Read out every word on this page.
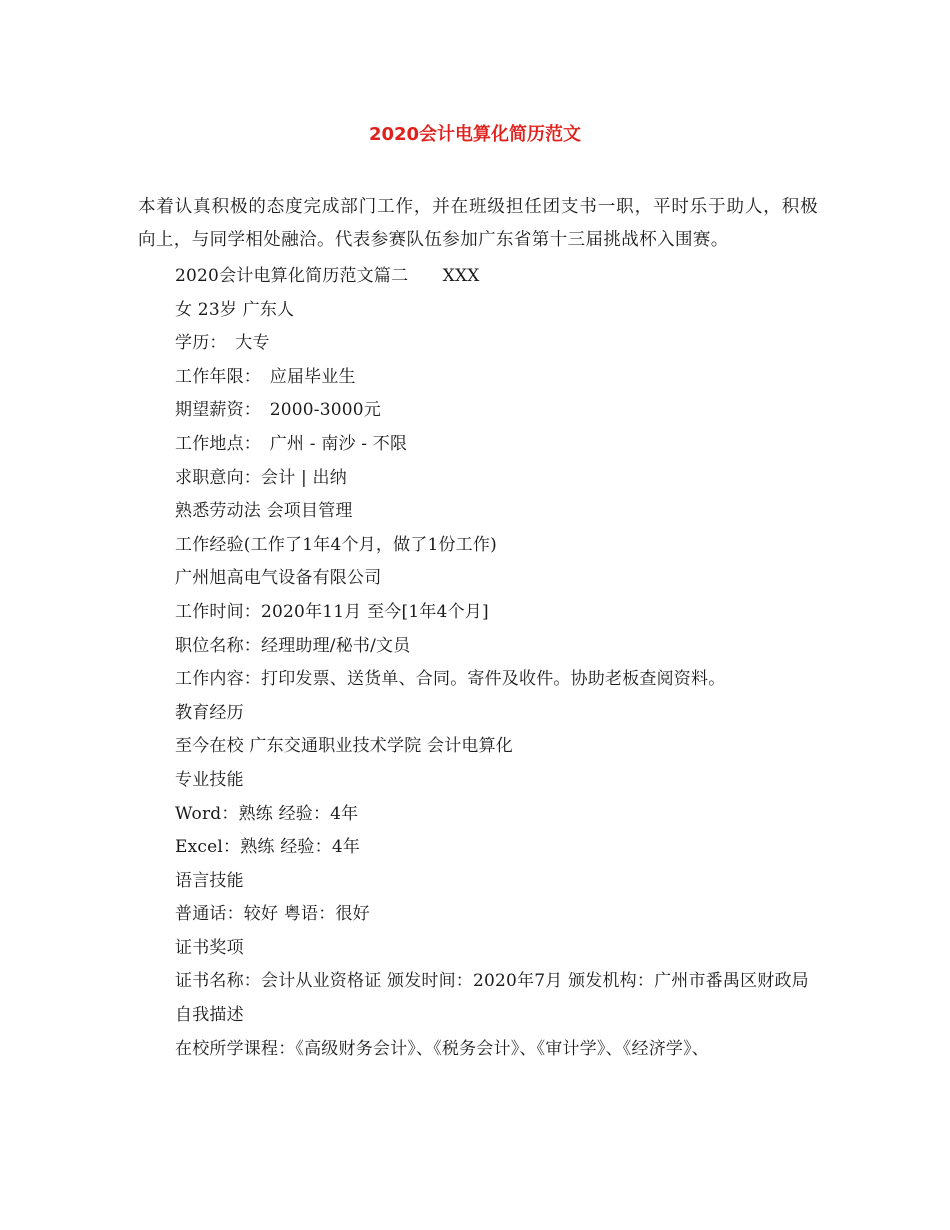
2020会计电算化简历范文
本着认真积极的态度完成部门工作，并在班级担任团支书一职，平时乐于助人，积极向上，与同学相处融洽。代表参赛队伍参加广东省第十三届挑战杯入围赛。
2020会计电算化简历范文篇二　　XXX
女 23岁 广东人
学历：　大专
工作年限：　应届毕业生
期望薪资：　2000-3000元
工作地点：　广州 - 南沙 - 不限
求职意向：会计 | 出纳
熟悉劳动法 会项目管理
工作经验(工作了1年4个月，做了1份工作)
广州旭高电气设备有限公司
工作时间：2020年11月 至今[1年4个月]
职位名称：经理助理/秘书/文员
工作内容：打印发票、送货单、合同。寄件及收件。协助老板查阅资料。
教育经历
至今在校 广东交通职业技术学院 会计电算化
专业技能
Word：熟练 经验：4年
Excel：熟练 经验：4年
语言技能
普通话：较好 粤语：很好
证书奖项
证书名称：会计从业资格证 颁发时间：2020年7月 颁发机构：广州市番禺区财政局
自我描述
在校所学课程：《高级财务会计》、《税务会计》、《审计学》、《经济学》、
